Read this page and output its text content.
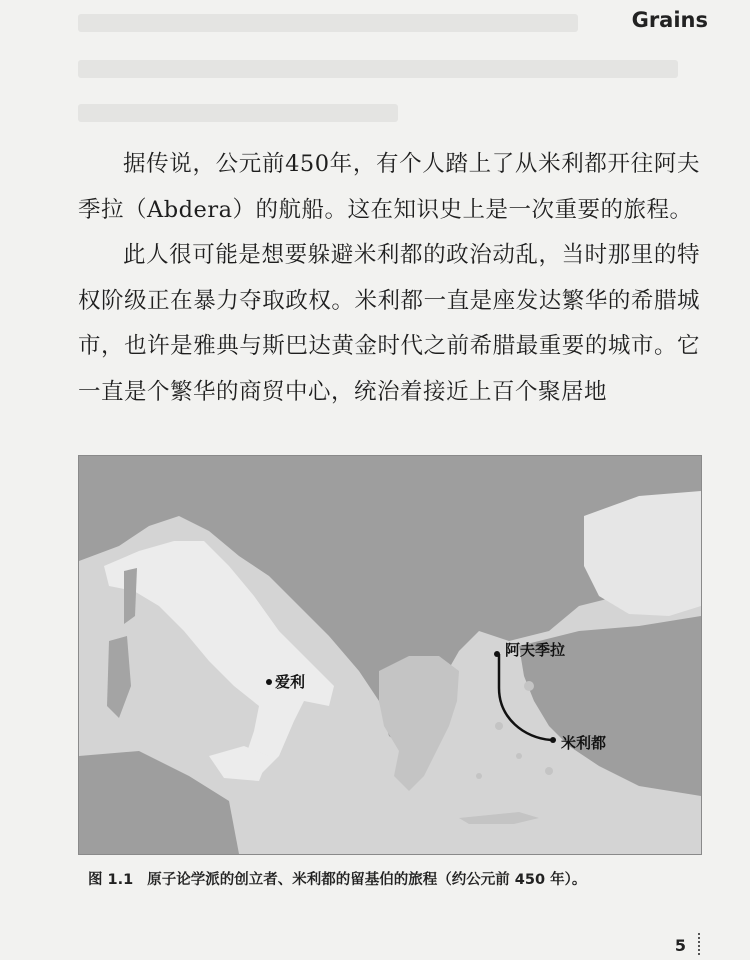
Grains

据传说，公元前450年，有个人踏上了从米利都开往阿夫季拉（Abdera）的航船。这在知识史上是一次重要的旅程。

此人很可能是想要躲避米利都的政治动乱，当时那里的特权阶级正在暴力夺取政权。米利都一直是座发达繁华的希腊城市，也许是雅典与斯巴达黄金时代之前希腊最重要的城市。它一直是个繁华的商贸中心，统治着接近上百个聚居地

爱利
阿夫季拉
米利都
图 1.1 原子论学派的创立者、米利都的留基伯的旅程（约公元前 450 年）。
5
